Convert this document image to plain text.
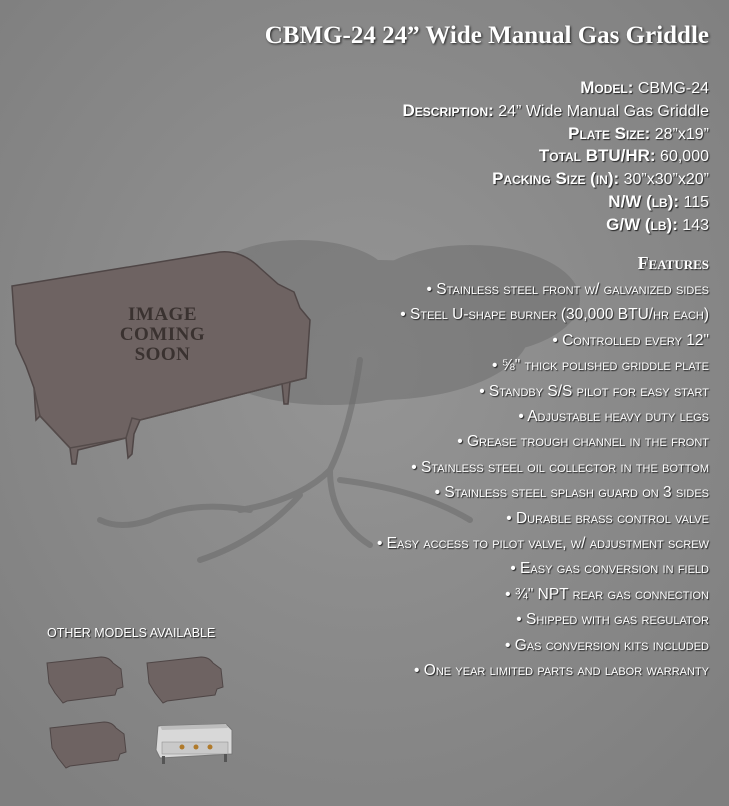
CBMG-24 24” Wide Manual Gas Griddle
Model: CBMG-24
Description: 24” Wide Manual Gas Griddle
Plate Size: 28”x19”
Total BTU/HR: 60,000
Packing Size (in): 30”x30”x20”
N/W (lb): 115
G/W (lb): 143
Features
• Stainless steel front w/ galvanized sides
• Steel U-shape burner (30,000 BTU/hr each)
• Controlled every 12"
• ⅝" thick polished griddle plate
• Standby S/S pilot for easy start
• Adjustable heavy duty legs
• Grease trough channel in the front
• Stainless steel oil collector in the bottom
• Stainless steel splash guard on 3 sides
• Durable brass control valve
• Easy access to pilot valve, w/ adjustment screw
• Easy gas conversion in field
• ¾" NPT rear gas connection
• Shipped with gas regulator
• Gas conversion kits included
• One year limited parts and labor warranty
IMAGE
COMING
SOON
OTHER MODELS AVAILABLE
